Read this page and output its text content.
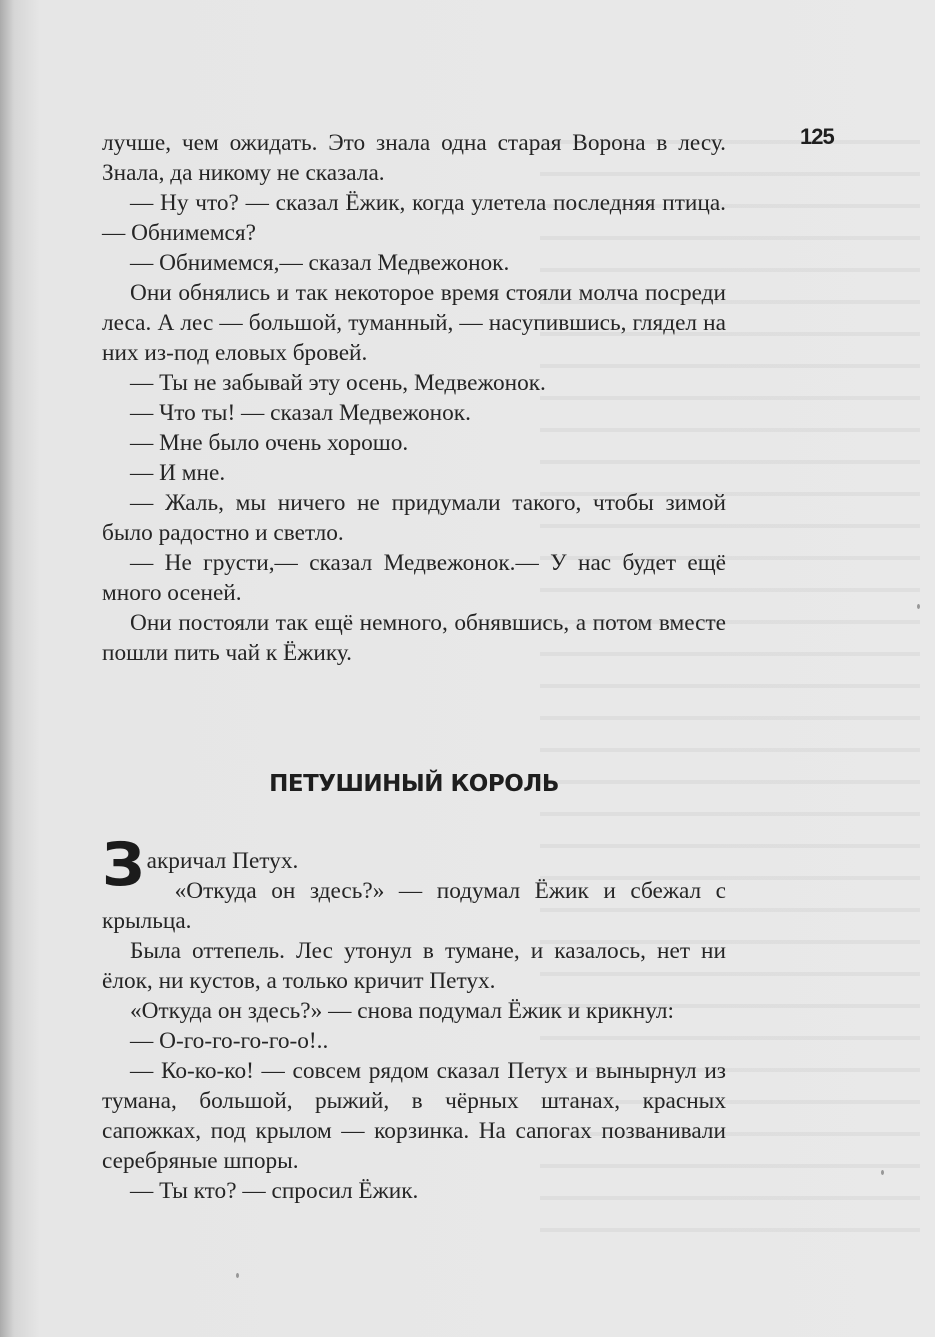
125

лучше, чем ожидать. Это знала одна старая Ворона в лесу. Знала, да никому не сказала.

— Ну что? — сказал Ёжик, когда улетела последняя птица.— Обнимемся?

— Обнимемся,— сказал Медвежонок.

Они обнялись и так некоторое время стояли молча посреди леса. А лес — большой, туманный, — насупившись, глядел на них из-под еловых бровей.

— Ты не забывай эту осень, Медвежонок.

— Что ты! — сказал Медвежонок.

— Мне было очень хорошо.

— И мне.

— Жаль, мы ничего не придумали такого, чтобы зимой было радостно и светло.

— Не грусти,— сказал Медвежонок.— У нас будет ещё много осеней.

Они постояли так ещё немного, обнявшись, а потом вместе пошли пить чай к Ёжику.

ПЕТУШИНЫЙ КОРОЛЬ

Закричал Петух.

«Откуда он здесь?» — подумал Ёжик и сбежал с крыльца.

Была оттепель. Лес утонул в тумане, и казалось, нет ни ёлок, ни кустов, а только кричит Петух.

«Откуда он здесь?» — снова подумал Ёжик и крикнул:

— О-го-го-го-го-о!..

— Ко-ко-ко! — совсем рядом сказал Петух и вынырнул из тумана, большой, рыжий, в чёрных штанах, красных сапожках, под крылом — корзинка. На сапогах позванивали серебряные шпоры.

— Ты кто? — спросил Ёжик.
